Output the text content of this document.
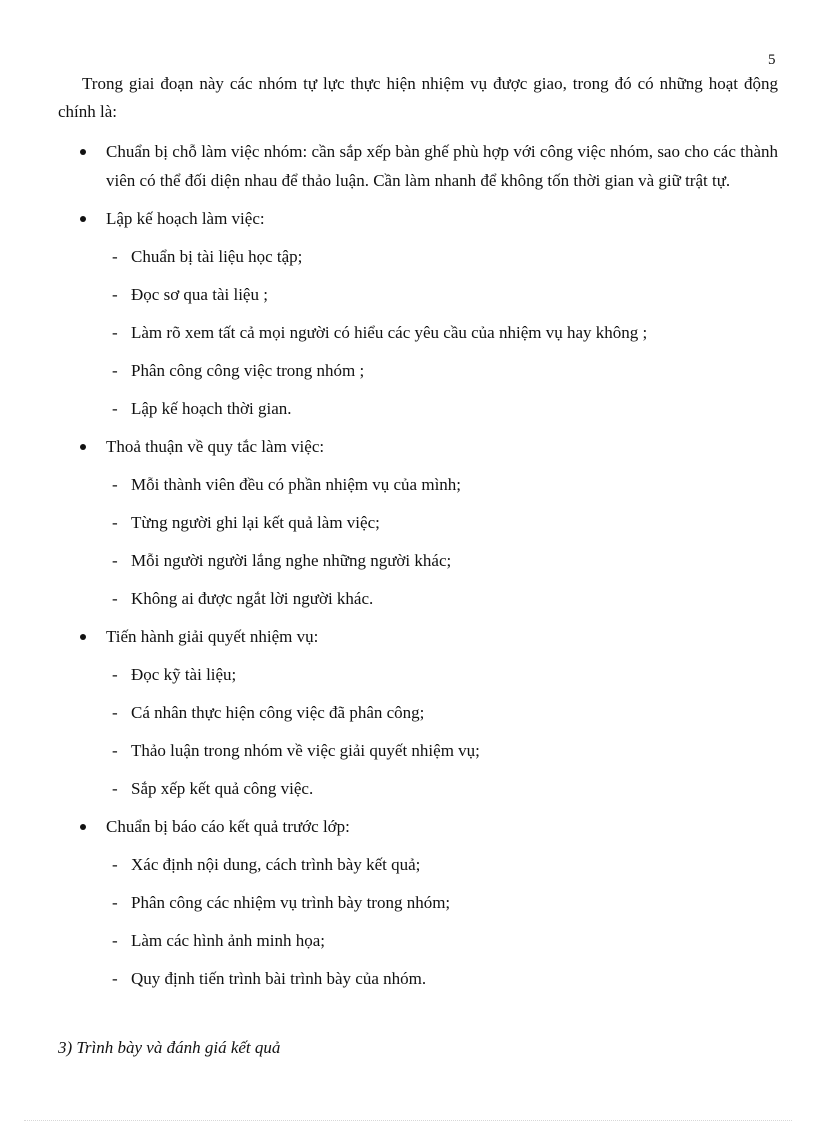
5

Trong giai đoạn này các nhóm tự lực thực hiện nhiệm vụ được giao, trong đó có những hoạt động chính là:

Chuẩn bị chỗ làm việc nhóm: cần sắp xếp bàn ghế phù hợp với công việc nhóm, sao cho các thành viên có thể đối diện nhau để thảo luận. Cần làm nhanh để không tốn thời gian và giữ trật tự.
Lập kế hoạch làm việc:
- Chuẩn bị tài liệu học tập;
- Đọc sơ qua tài liệu ;
- Làm rõ xem tất cả mọi người có hiểu các yêu cầu của nhiệm vụ hay không ;
- Phân công công việc trong nhóm ;
- Lập kế hoạch thời gian.
Thoả thuận về quy tắc làm việc:
- Mỗi thành viên đều có phần nhiệm vụ của mình;
- Từng người ghi lại kết quả làm việc;
- Mỗi người người lắng nghe những người khác;
- Không ai được ngắt lời người khác.
Tiến hành giải quyết nhiệm vụ:
- Đọc kỹ tài liệu;
- Cá nhân thực hiện công việc đã phân công;
- Thảo luận trong nhóm về việc giải quyết nhiệm vụ;
- Sắp xếp kết quả công việc.
Chuẩn bị báo cáo kết quả trước lớp:
- Xác định nội dung, cách trình bày kết quả;
- Phân công các nhiệm vụ trình bày trong nhóm;
- Làm các hình ảnh minh họa;
- Quy định tiến trình bài trình bày của nhóm.

3) Trình bày và đánh giá kết quả
